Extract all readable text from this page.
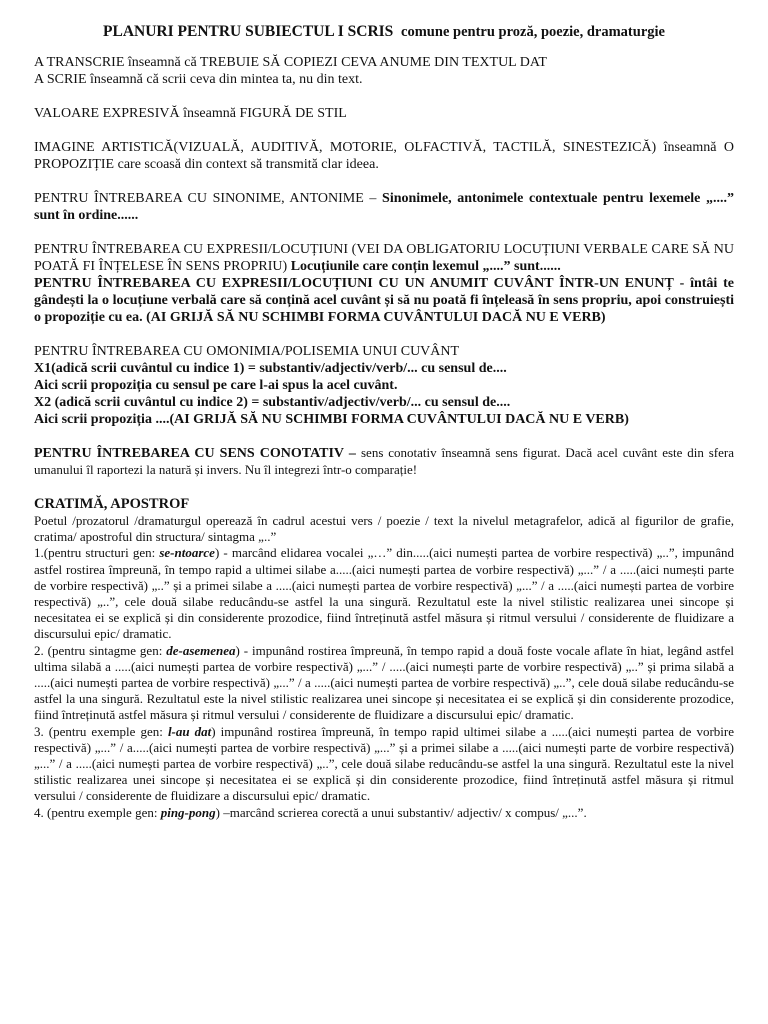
PLANURI PENTRU SUBIECTUL I SCRIS comune pentru proză, poezie, dramaturgie

A TRANSCRIE înseamnă că TREBUIE SĂ COPIEZI CEVA ANUME DIN TEXTUL DAT

A SCRIE înseamnă că scrii ceva din mintea ta, nu din text.

VALOARE EXPRESIVĂ înseamnă FIGURĂ DE STIL

IMAGINE ARTISTICĂ(VIZUALĂ, AUDITIVĂ, MOTORIE, OLFACTIVĂ, TACTILĂ, SINESTEZICĂ) înseamnă O PROPOZIȚIE care scoasă din context să transmită clar ideea.

PENTRU ÎNTREBAREA CU SINONIME, ANTONIME – Sinonimele, antonimele contextuale pentru lexemele „....” sunt în ordine......

PENTRU ÎNTREBAREA CU EXPRESII/LOCUȚIUNI (VEI DA OBLIGATORIU LOCUȚIUNI VERBALE CARE SĂ NU POATĂ FI ÎNȚELESE ÎN SENS PROPRIU) Locuțiunile care conțin lexemul „....” sunt......

PENTRU ÎNTREBAREA CU EXPRESII/LOCUȚIUNI CU UN ANUMIT CUVÂNT ÎNTR-UN ENUNȚ - întâi te gândești la o locuțiune verbală care să conțină acel cuvânt și să nu poată fi înțeleasă în sens propriu, apoi construiești o propoziție cu ea. (AI GRIJĂ SĂ NU SCHIMBI FORMA CUVÂNTULUI DACĂ NU E VERB)

PENTRU ÎNTREBAREA CU OMONIMIA/POLISEMIA UNUI CUVÂNT

X1(adică scrii cuvântul cu indice 1) = substantiv/adjectiv/verb/... cu sensul de....

Aici scrii propoziția cu sensul pe care l-ai spus la acel cuvânt.

X2 (adică scrii cuvântul cu indice 2) = substantiv/adjectiv/verb/... cu sensul de....

Aici scrii propoziția ....(AI GRIJĂ SĂ NU SCHIMBI FORMA CUVÂNTULUI DACĂ NU E VERB)

PENTRU ÎNTREBAREA CU SENS CONOTATIV – sens conotativ înseamnă sens figurat. Dacă acel cuvânt este din sfera umanului îl raportezi la natură și invers. Nu îl integrezi într-o comparație!

CRATIMĂ, APOSTROF

Poetul /prozatorul /dramaturgul operează în cadrul acestui vers / poezie / text la nivelul metagrafelor, adică al figurilor de grafie, cratima/ apostroful din structura/ sintagma „..”

1.(pentru structuri gen: se-ntoarce) - marcând elidarea vocalei „…” din.....(aici numești partea de vorbire respectivă) „..”, impunând astfel rostirea împreună, în tempo rapid a ultimei silabe a.....(aici numești partea de vorbire respectivă) „...” / a .....(aici numești parte de vorbire respectivă) „..” și a primei silabe a .....(aici numești partea de vorbire respectivă) „...” / a .....(aici numești partea de vorbire respectivă) „..”, cele două silabe reducându-se astfel la una singură. Rezultatul este la nivel stilistic realizarea unei sincope și necesitatea ei se explică și din considerente prozodice, fiind întreținută astfel măsura și ritmul versului / considerente de fluidizare a discursului epic/ dramatic.

2. (pentru sintagme gen: de-asemenea) - impunând rostirea împreună, în tempo rapid a două foste vocale aflate în hiat, legând astfel ultima silabă a .....(aici numești partea de vorbire respectivă) „...” / .....(aici numești parte de vorbire respectivă) „..” și prima silabă a .....(aici numești partea de vorbire respectivă) „...” / a .....(aici numești partea de vorbire respectivă) „..”, cele două silabe reducându-se astfel la una singură. Rezultatul este la nivel stilistic realizarea unei sincope și necesitatea ei se explică și din considerente prozodice, fiind întreținută astfel măsura și ritmul versului / considerente de fluidizare a discursului epic/ dramatic.

3. (pentru exemple gen: l-au dat) impunând rostirea împreună, în tempo rapid ultimei silabe a .....(aici numești partea de vorbire respectivă) „...” / a.....(aici numești partea de vorbire respectivă) „...” și a primei silabe a .....(aici numești parte de vorbire respectivă) „...” / a .....(aici numești partea de vorbire respectivă) „..”, cele două silabe reducându-se astfel la una singură. Rezultatul este la nivel stilistic realizarea unei sincope și necesitatea ei se explică și din considerente prozodice, fiind întreținută astfel măsura și ritmul versului / considerente de fluidizare a discursului epic/ dramatic.

4. (pentru exemple gen: ping-pong) –marcând scrierea corectă a unui substantiv/ adjectiv/ x compus/ „...”.
